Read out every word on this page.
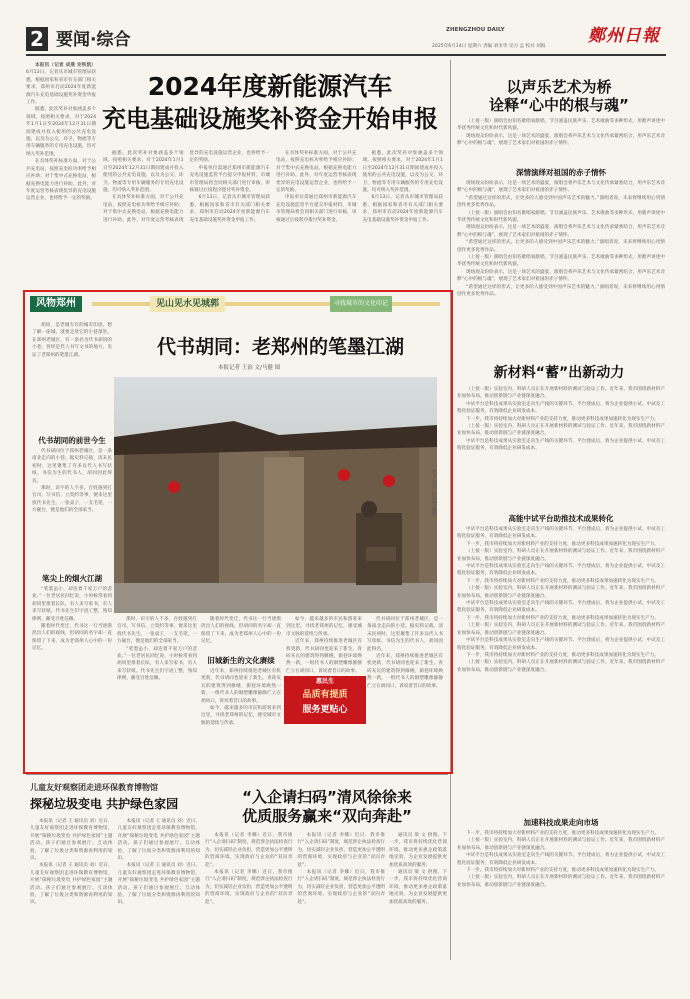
2 要闻·综合	ZHENGZHOU DAILY	鄭州日報
2025年6月14日 星期六 责编 刘争华 见习 孟 校对 刘海

本报讯（记者 成燕 安铁凯）6月13日，记者从市城市管理局获悉，根据国家和省市有关部门相关要求，郑州市启动2024年度新能源汽车充电基础设施奖补资金申报工作。

据悉，此次奖补对象涵盖多个领域。按照相关要求，对于2024年1月1日至2024年12月31日期间建成并投入使用的公共充电设施，以及为公交、环卫、物流等专用车辆服务的专用充电设施，均可纳入奖补范围。

在具体奖补标准方面，对于公共充电站，按照充电桩功率给予相应补助；对于集中式充换电站，根据充换电能力进行补助。此外，对年度运营考核表现优异的充电设施运营企业，也将给予一定的奖励。

2024年度新能源汽车
充电基础设施奖补资金开始申报

据悉，此次奖补对象涵盖多个领域。按照相关要求，对于2024年1月1日至2024年12月31日期间建成并投入使用的公共充电设施，以及为公交、环卫、物流等专用车辆服务的专用充电设施，均可纳入奖补范围。

在具体奖补标准方面，对于公共充电站，按照充电桩功率给予相应补助；对于集中式充换电站，根据充换电能力进行补助。此外，对年度运营考核表现优异的充电设施运营企业，也将给予一定的奖励。

申报单位需通过郑州市新能源汽车充电设施监管平台提交申报材料，市城市管理局将会同相关部门进行审核，审核通过后按程序拨付奖补资金。

6月13日，记者从市城市管理局获悉，根据国家和省市有关部门相关要求，郑州市启动2024年度新能源汽车充电基础设施奖补资金申报工作。

在具体奖补标准方面，对于公共充电站，按照充电桩功率给予相应补助；对于集中式充换电站，根据充换电能力进行补助。此外，对年度运营考核表现优异的充电设施运营企业，也将给予一定的奖励。

申报单位需通过郑州市新能源汽车充电设施监管平台提交申报材料，市城市管理局将会同相关部门进行审核，审核通过后按程序拨付奖补资金。

据悉，此次奖补对象涵盖多个领域。按照相关要求，对于2024年1月1日至2024年12月31日期间建成并投入使用的公共充电设施，以及为公交、环卫、物流等专用车辆服务的专用充电设施，均可纳入奖补范围。

6月13日，记者从市城市管理局获悉，根据国家和省市有关部门相关要求，郑州市启动2024年度新能源汽车充电基础设施奖补资金申报工作。

以声乐艺术为桥
诠释“心中的根与魂”

（上接一版）演唱会由知名歌唱家献唱，节目涵盖民族声乐、艺术歌曲等多种形式，用歌声讲述中华优秀传统文化和时代新风貌。

现场观众纷纷表示，这是一场艺术的盛宴，演唱会将声乐艺术与文化传承紧密结合，用声乐艺术诠释“心中的根与魂”，展现了艺术家们对祖国的赤子情怀。

深情演绎对祖国的赤子情怀

现场观众纷纷表示，这是一场艺术的盛宴，演唱会将声乐艺术与文化传承紧密结合，用声乐艺术诠释“心中的根与魂”，展现了艺术家们对祖国的赤子情怀。

“希望通过这样的形式，让更多的人感受到中国声乐艺术的魅力。”演唱者说，未来将继续用心用情创作更多优秀作品。

（上接一版）演唱会由知名歌唱家献唱，节目涵盖民族声乐、艺术歌曲等多种形式，用歌声讲述中华优秀传统文化和时代新风貌。

现场观众纷纷表示，这是一场艺术的盛宴，演唱会将声乐艺术与文化传承紧密结合，用声乐艺术诠释“心中的根与魂”，展现了艺术家们对祖国的赤子情怀。

“希望通过这样的形式，让更多的人感受到中国声乐艺术的魅力。”演唱者说，未来将继续用心用情创作更多优秀作品。

（上接一版）演唱会由知名歌唱家献唱，节目涵盖民族声乐、艺术歌曲等多种形式，用歌声讲述中华优秀传统文化和时代新风貌。

现场观众纷纷表示，这是一场艺术的盛宴，演唱会将声乐艺术与文化传承紧密结合，用声乐艺术诠释“心中的根与魂”，展现了艺术家们对祖国的赤子情怀。

“希望通过这样的形式，让更多的人感受到中国声乐艺术的魅力。”演唱者说，未来将继续用心用情创作更多优秀作品。

新材料“蓄”出新动力

（上接一版）实验室内，科研人员正在开展新材料的测试与验证工作。近年来，我市围绕新材料产业加快布局，推动创新链与产业链深度融合。

中试平台是科技成果从实验室走向生产线的关键环节。平台建成后，将为企业提供小试、中试及工程化验证服务，有效降低企业研发成本。

下一步，我市将持续加大对新材料产业的支持力度，推动更多科技成果加速转化为现实生产力。

（上接一版）实验室内，科研人员正在开展新材料的测试与验证工作。近年来，我市围绕新材料产业加快布局，推动创新链与产业链深度融合。

中试平台是科技成果从实验室走向生产线的关键环节。平台建成后，将为企业提供小试、中试及工程化验证服务，有效降低企业研发成本。

高能中试平台助推技术成果转化

中试平台是科技成果从实验室走向生产线的关键环节。平台建成后，将为企业提供小试、中试及工程化验证服务，有效降低企业研发成本。

下一步，我市将持续加大对新材料产业的支持力度，推动更多科技成果加速转化为现实生产力。

（上接一版）实验室内，科研人员正在开展新材料的测试与验证工作。近年来，我市围绕新材料产业加快布局，推动创新链与产业链深度融合。

中试平台是科技成果从实验室走向生产线的关键环节。平台建成后，将为企业提供小试、中试及工程化验证服务，有效降低企业研发成本。

下一步，我市将持续加大对新材料产业的支持力度，推动更多科技成果加速转化为现实生产力。

（上接一版）实验室内，科研人员正在开展新材料的测试与验证工作。近年来，我市围绕新材料产业加快布局，推动创新链与产业链深度融合。

中试平台是科技成果从实验室走向生产线的关键环节。平台建成后，将为企业提供小试、中试及工程化验证服务，有效降低企业研发成本。

下一步，我市将持续加大对新材料产业的支持力度，推动更多科技成果加速转化为现实生产力。

（上接一版）实验室内，科研人员正在开展新材料的测试与验证工作。近年来，我市围绕新材料产业加快布局，推动创新链与产业链深度融合。

中试平台是科技成果从实验室走向生产线的关键环节。平台建成后，将为企业提供小试、中试及工程化验证服务，有效降低企业研发成本。

下一步，我市将持续加大对新材料产业的支持力度，推动更多科技成果加速转化为现实生产力。

（上接一版）实验室内，科研人员正在开展新材料的测试与验证工作。近年来，我市围绕新材料产业加快布局，推动创新链与产业链深度融合。

加速科技成果走向市场

下一步，我市将持续加大对新材料产业的支持力度，推动更多科技成果加速转化为现实生产力。

（上接一版）实验室内，科研人员正在开展新材料的测试与验证工作。近年来，我市围绕新材料产业加快布局，推动创新链与产业链深度融合。

中试平台是科技成果从实验室走向生产线的关键环节。平台建成后，将为企业提供小试、中试及工程化验证服务，有效降低企业研发成本。

下一步，我市将持续加大对新材料产业的支持力度，推动更多科技成果加速转化为现实生产力。

（上接一版）实验室内，科研人员正在开展新材料的测试与验证工作。近年来，我市围绕新材料产业加快布局，推动创新链与产业链深度融合。

风物郑州	见山见水见城郭	寻找城市的文化印记

胡同，是老城专有的城市印迹。想了解一座城，就要走进它的小巷深处。在郑州老城区，有一条名为代书胡同的小巷，曾经是代人书写文书的地方，见证了老郑州的笔墨江湖。	代书胡同：老郑州的笔墨江湖
本报记者 王治 文/马健 图
代书胡同的铜塑雕像
代书胡同的前世今生

代书胡同位于郑州老城区，是一条南北走向的小巷。据史料记载，清末民初时，这里聚集了许多以代人书写状纸、书信为生的代书人，胡同因此得名。

那时，识字的人不多，百姓遇到打官司、写书信、立契约等事，便来这里找代书先生。一张桌子，一支毛笔，一方砚台，便是他们的全部家当。

笔尖上的烟火江湖

“笔墨虽小，却连着千家万户的悲欢。”一位老居民回忆说，小时候常看到胡同里排着长队，有人来写家书，有人来写状纸。代书先生们字迹工整，熟知律例，颇受百姓信赖。

随着时代变迁，代书这一行当逐渐淡出人们的视线，但胡同的名字却一直保留了下来，成为老郑州人心中的一份记忆。

那时，识字的人不多，百姓遇到打官司、写书信、立契约等事，便来这里找代书先生。一张桌子，一支毛笔，一方砚台，便是他们的全部家当。

“笔墨虽小，却连着千家万户的悲欢。”一位老居民回忆说，小时候常看到胡同里排着长队，有人来写家书，有人来写状纸。代书先生们字迹工整，熟知律例，颇受百姓信赖。

随着时代变迁，代书这一行当逐渐淡出人们的视线，但胡同的名字却一直保留了下来，成为老郑州人心中的一份记忆。

旧城新生的文化赓续

近年来，郑州持续推进老城区有机更新，代书胡同也迎来了新生。青砖灰瓦的建筑得到修缮，街巷环境焕然一新，一组代书人的铜塑雕像静静伫立在胡同口，诉说着昔日的故事。

如今，越来越多的市民和游客来到这里，寻找老郑州的记忆，感受城市文脉的延续与传承。

如今，越来越多的市民和游客来到这里，寻找老郑州的记忆，感受城市文脉的延续与传承。

近年来，郑州持续推进老城区有机更新，代书胡同也迎来了新生。青砖灰瓦的建筑得到修缮，街巷环境焕然一新，一组代书人的铜塑雕像静静伫立在胡同口，诉说着昔日的故事。

惠民生
品质有提质
服务更贴心

代书胡同位于郑州老城区，是一条南北走向的小巷。据史料记载，清末民初时，这里聚集了许多以代人书写状纸、书信为生的代书人，胡同因此得名。

近年来，郑州持续推进老城区有机更新，代书胡同也迎来了新生。青砖灰瓦的建筑得到修缮，街巷环境焕然一新，一组代书人的铜塑雕像静静伫立在胡同口，诉说着昔日的故事。

儿童友好观察团走进环保教育博物馆
探秘垃圾变电 共护绿色家园

本报讯（记者 王 通讯员 刘）近日，儿童友好观察团走进环保教育博物馆，开展“探秘垃圾变电 共护绿色家园”主题活动。孩子们通过参观展厅、互动体验，了解了垃圾分类和资源再利用的知识。

本报讯（记者 王 通讯员 刘）近日，儿童友好观察团走进环保教育博物馆，开展“探秘垃圾变电 共护绿色家园”主题活动。孩子们通过参观展厅、互动体验，了解了垃圾分类和资源再利用的知识。

本报讯（记者 王 通讯员 刘）近日，儿童友好观察团走进环保教育博物馆，开展“探秘垃圾变电 共护绿色家园”主题活动。孩子们通过参观展厅、互动体验，了解了垃圾分类和资源再利用的知识。

本报讯（记者 王 通讯员 刘）近日，儿童友好观察团走进环保教育博物馆，开展“探秘垃圾变电 共护绿色家园”主题活动。孩子们通过参观展厅、互动体验，了解了垃圾分类和资源再利用的知识。

“入企请扫码”清风徐徐来
优质服务赢来“双向奔赴”

本报讯（记者 李娜）近日，我市推行“入企请扫码”制度，规范涉企执法检查行为，切实减轻企业负担，营造更加公平透明的营商环境，实现政府与企业的“双向奔赴”。

本报讯（记者 李娜）近日，我市推行“入企请扫码”制度，规范涉企执法检查行为，切实减轻企业负担，营造更加公平透明的营商环境，实现政府与企业的“双向奔赴”。

本报讯（记者 李娜）近日，我市推行“入企请扫码”制度，规范涉企执法检查行为，切实减轻企业负担，营造更加公平透明的营商环境，实现政府与企业的“双向奔赴”。

本报讯（记者 李娜）近日，我市推行“入企请扫码”制度，规范涉企执法检查行为，切实减轻企业负担，营造更加公平透明的营商环境，实现政府与企业的“双向奔赴”。

通讯员 梁 文 供图。下一步，我市将持续优化营商环境，推动更多惠企政策落地见效，为企业发展提供更加优质高效的服务。

通讯员 梁 文 供图。下一步，我市将持续优化营商环境，推动更多惠企政策落地见效，为企业发展提供更加优质高效的服务。
